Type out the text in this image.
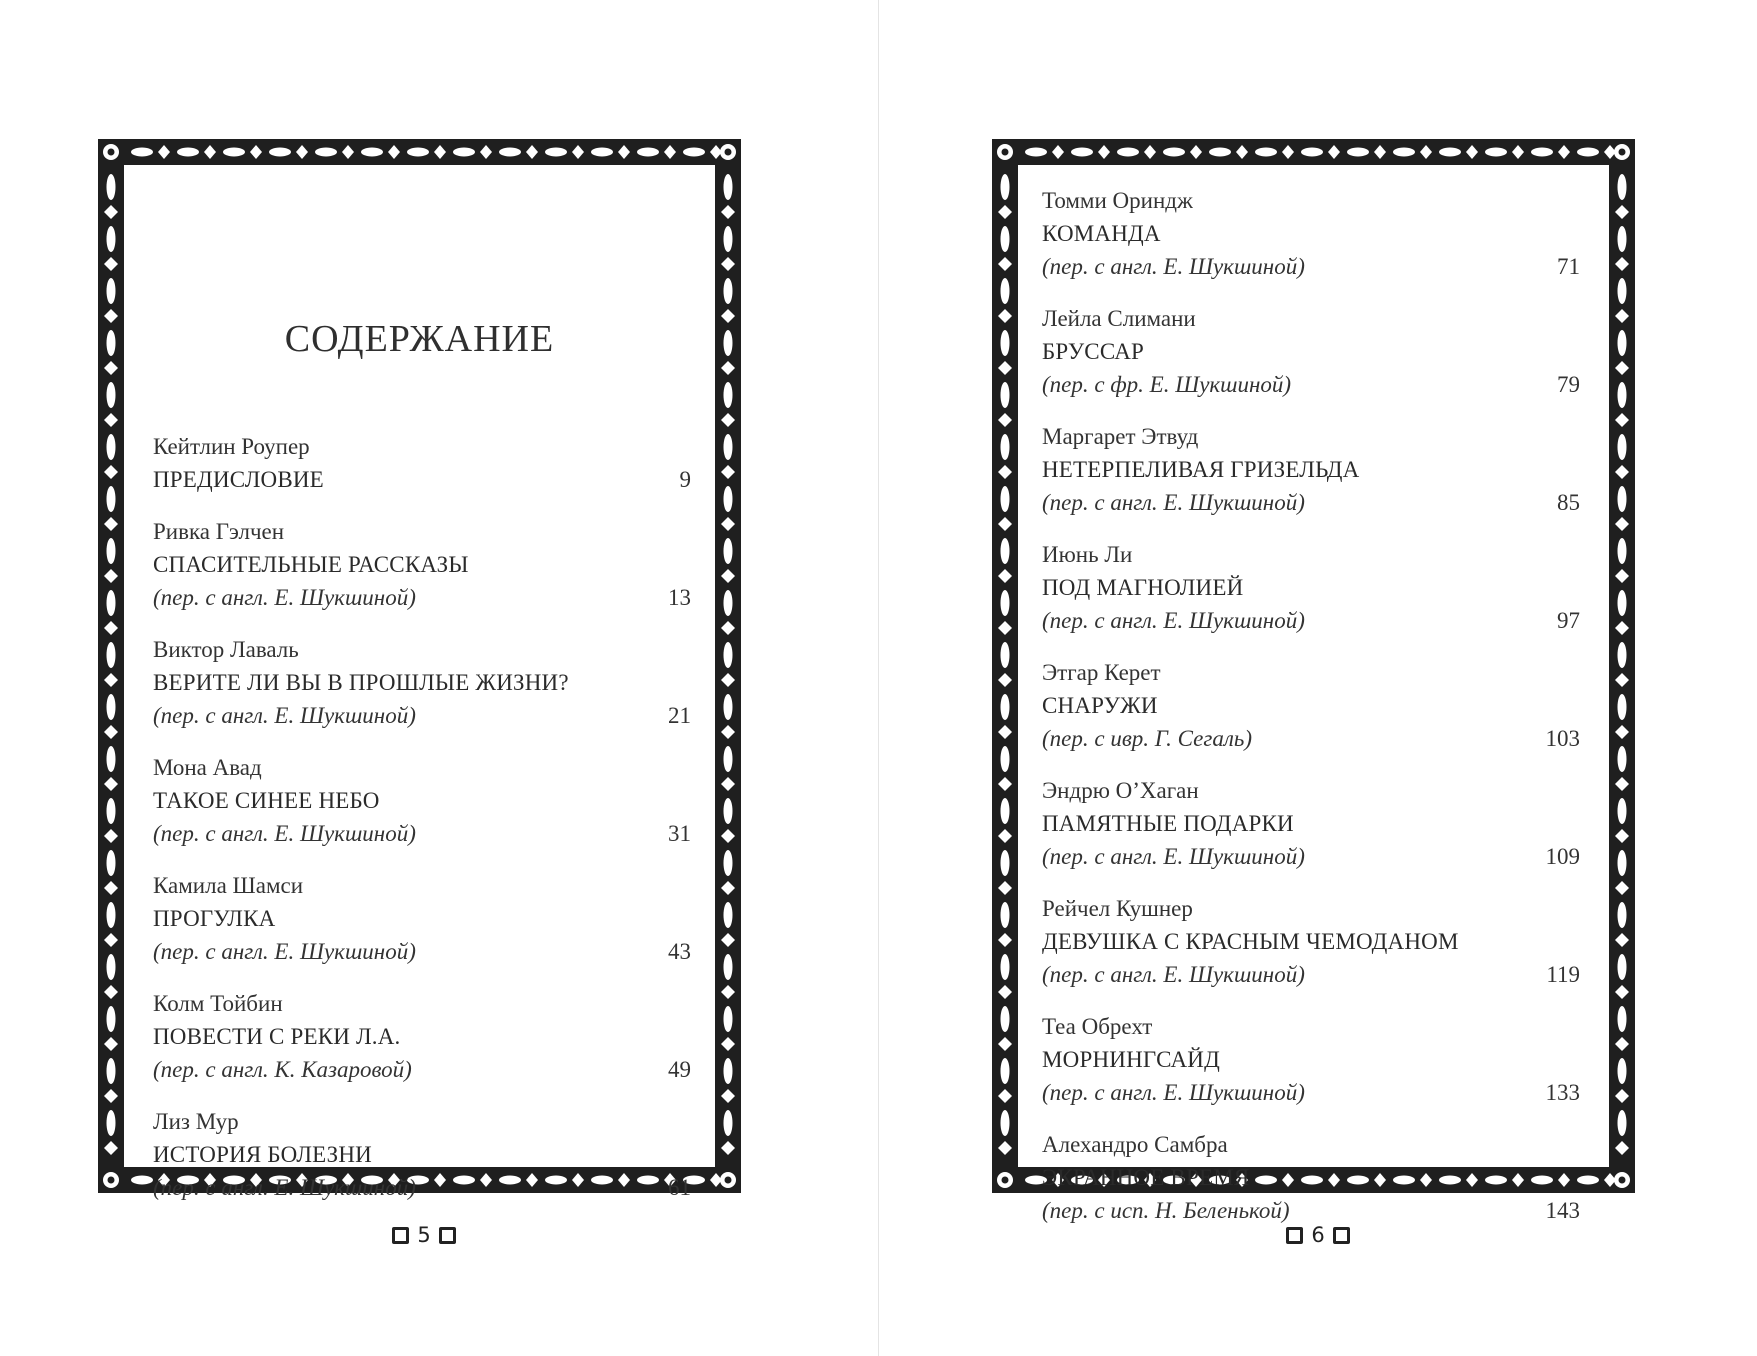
СОДЕРЖАНИЕ
Кейтлин Роупер
ПРЕДИСЛОВИЕ	9
Ривка Гэлчен
СПАСИТЕЛЬНЫЕ РАССКАЗЫ
(пер. с англ. Е. Шукшиной)	13
Виктор Лаваль
ВЕРИТЕ ЛИ ВЫ В ПРОШЛЫЕ ЖИЗНИ?
(пер. с англ. Е. Шукшиной)	21
Мона Авад
ТАКОЕ СИНЕЕ НЕБО
(пер. с англ. Е. Шукшиной)	31
Камила Шамси
ПРОГУЛКА
(пер. с англ. Е. Шукшиной)	43
Колм Тойбин
ПОВЕСТИ С РЕКИ Л.А.
(пер. с англ. К. Казаровой)	49
Лиз Мур
ИСТОРИЯ БОЛЕЗНИ
(пер. с англ. Е. Шукшиной)	61
5
Томми Ориндж
КОМАНДА
(пер. с англ. Е. Шукшиной)	71
Лейла Слимани
БРУССАР
(пер. с фр. Е. Шукшиной)	79
Маргарет Этвуд
НЕТЕРПЕЛИВАЯ ГРИЗЕЛЬДА
(пер. с англ. Е. Шукшиной)	85
Июнь Ли
ПОД МАГНОЛИЕЙ
(пер. с англ. Е. Шукшиной)	97
Этгар Керет
СНАРУЖИ
(пер. с ивр. Г. Сегаль)	103
Эндрю О’Хаган
ПАМЯТНЫЕ ПОДАРКИ
(пер. с англ. Е. Шукшиной)	109
Рейчел Кушнер
ДЕВУШКА С КРАСНЫМ ЧЕМОДАНОМ
(пер. с англ. Е. Шукшиной)	119
Теа Обрехт
МОРНИНГСАЙД
(пер. с англ. Е. Шукшиной)	133
Алехандро Самбра
ЭКРАННОЕ ВРЕМЯ
(пер. с исп. Н. Беленькой)	143
6
